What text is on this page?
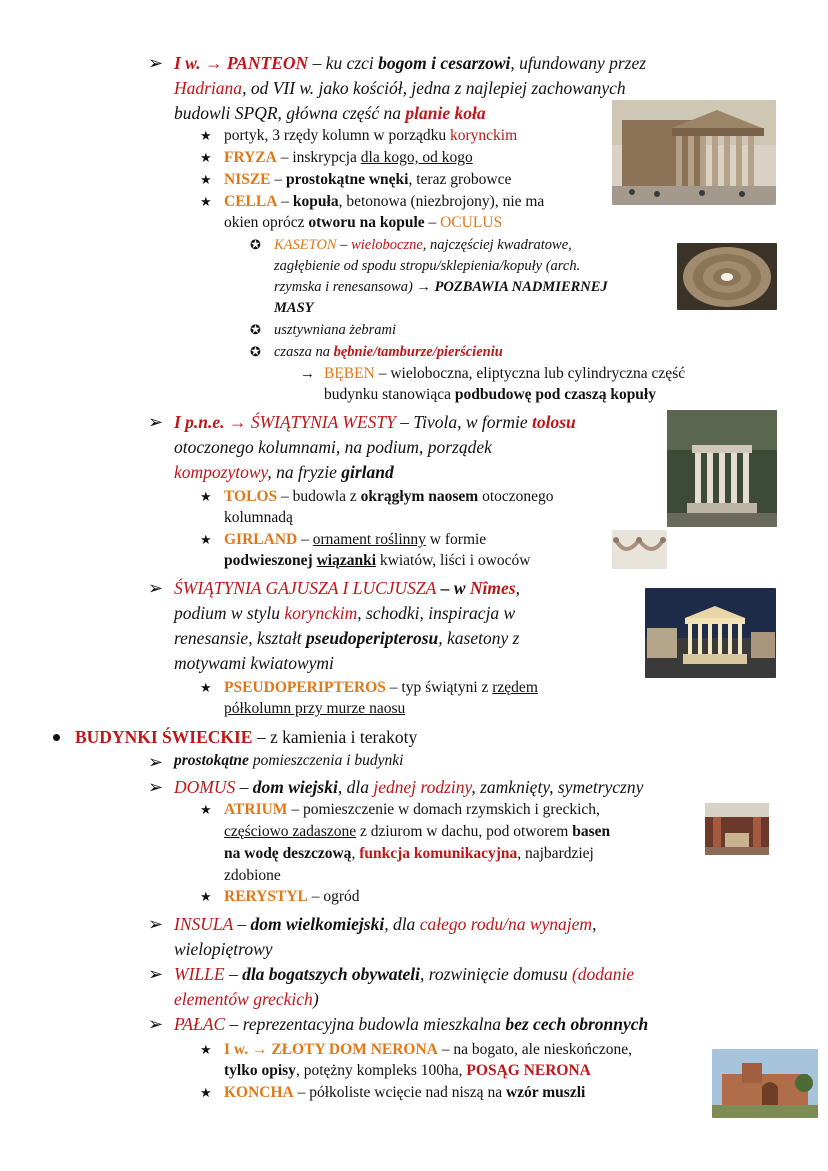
➢
★
★
★
★
✪
✪
✪
→
➢
★
★
➢
★
➢
➢
★
★
➢
➢
➢
★
★
I w. → PANTEON – ku czci bogom i cesarzowi, ufundowany przez
Hadriana, od VII w. jako kościół, jedna z najlepiej zachowanych
budowli SPQR, główna część na planie koła
portyk, 3 rzędy kolumn w porządku korynckim
FRYZA – inskrypcja dla kogo, od kogo
NISZE – prostokątne wnęki, teraz grobowce
CELLA – kopuła, betonowa (niezbrojony), nie ma
okien oprócz otworu na kopule – OCULUS
KASETON – wieloboczne, najczęściej kwadratowe,
zagłębienie od spodu stropu/sklepienia/kopuły (arch.
rzymska i renesansowa) → POZBAWIA NADMIERNEJ
MASY
usztywniana żebrami
czasza na bębnie/tamburze/pierścieniu
BĘBEN – wieloboczna, eliptyczna lub cylindryczna część
budynku stanowiąca podbudowę pod czaszą kopuły
I p.n.e. → ŚWIĄTYNIA WESTY – Tivola, w formie tolosu
otoczonego kolumnami, na podium, porządek
kompozytowy, na fryzie girland
TOLOS – budowla z okrągłym naosem otoczonego
kolumnadą
GIRLAND – ornament roślinny w formie
podwieszonej wiązanki kwiatów, liści i owoców
ŚWIĄTYNIA GAJUSZA I LUCJUSZA – w Nîmes,
podium w stylu korynckim, schodki, inspiracja w
renesansie, kształt pseudoperipterosu, kasetony z
motywami kwiatowymi
PSEUDOPERIPTEROS – typ świątyni z rzędem
półkolumn przy murze naosu
BUDYNKI ŚWIECKIE – z kamienia i terakoty
prostokątne pomieszczenia i budynki
DOMUS – dom wiejski, dla jednej rodziny, zamknięty, symetryczny
ATRIUM – pomieszczenie w domach rzymskich i greckich,
częściowo zadaszone z dziurom w dachu, pod otworem basen
na wodę deszczową, funkcja komunikacyjna, najbardziej
zdobione
RERYSTYL – ogród
INSULA – dom wielkomiejski, dla całego rodu/na wynajem,
wielopiętrowy
WILLE – dla bogatszych obywateli, rozwinięcie domusu (dodanie
elementów greckich)
PAŁAC – reprezentacyjna budowla mieszkalna bez cech obronnych
I w. → ZŁOTY DOM NERONA – na bogato, ale nieskończone,
tylko opisy, potężny kompleks 100ha, POSĄG NERONA
KONCHA – półkoliste wcięcie nad niszą na wzór muszli
